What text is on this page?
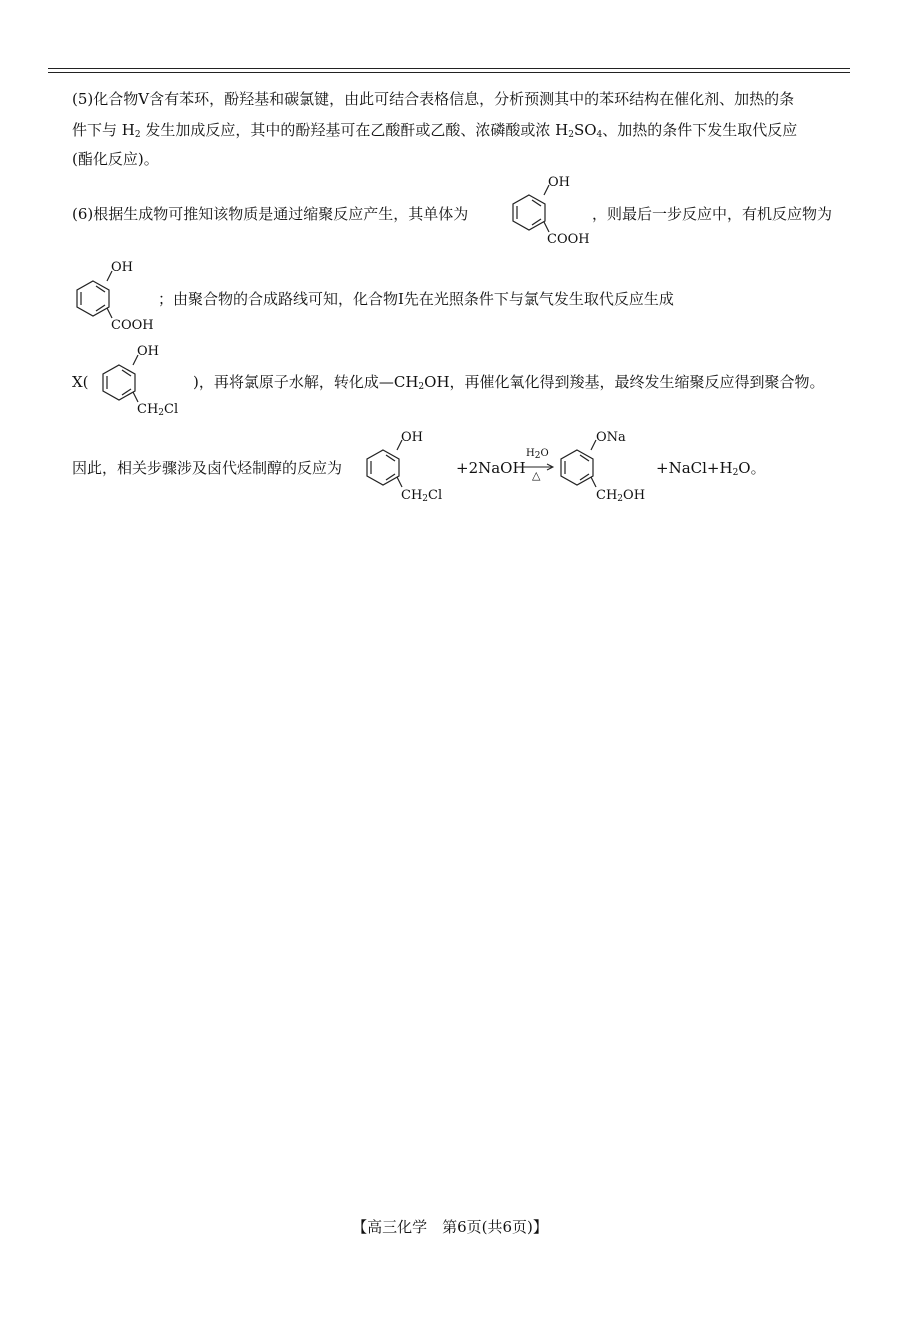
(5)化合物Ⅴ含有苯环，酚羟基和碳氯键，由此可结合表格信息，分析预测其中的苯环结构在催化剂、加热的条
件下与 $H_2$ 发生加成反应，其中的酚羟基可在乙酸酐或乙酸、浓磷酸或浓 $H_2SO_4$、加热的条件下发生取代反应
(酯化反应)。
(6)根据生成物可推知该物质是通过缩聚反应产生，其单体为	，则最后一步反应中，有机反应物为
OH
COOH
OH
COOH
；由聚合物的合成路线可知，化合物Ⅰ先在光照条件下与氯气发生取代反应生成
X(
OH
$CH_2Cl$
)，再将氯原子水解，转化成$—CH_2OH$，再催化氧化得到羧基，最终发生缩聚反应得到聚合物。
因此，相关步骤涉及卤代烃制醇的反应为
OH
$CH_2Cl$
+2NaOH
$H_2O$
△
ONa
$CH_2OH$
$+NaCl+H_2O$。
【高三化学　第6页(共6页)】
